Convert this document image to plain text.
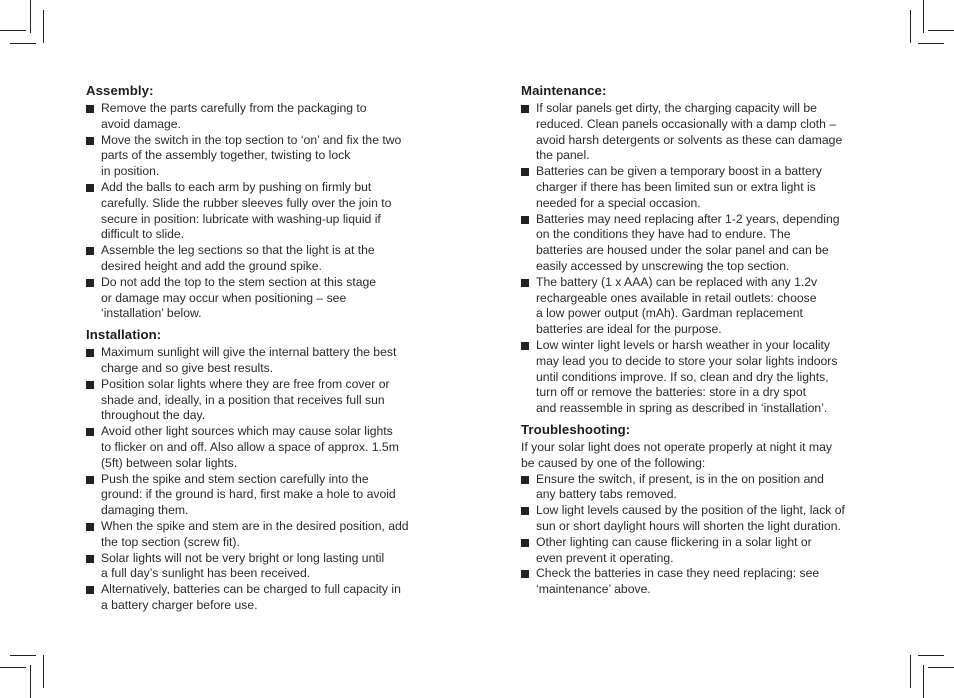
Assembly:
Remove the parts carefully from the packaging to
avoid damage.
Move the switch in the top section to ‘on’ and fix the two
parts of the assembly together, twisting to lock
in position.
Add the balls to each arm by pushing on firmly but
carefully. Slide the rubber sleeves fully over the join to
secure in position: lubricate with washing-up liquid if
difficult to slide.
Assemble the leg sections so that the light is at the
desired height and add the ground spike.
Do not add the top to the stem section at this stage
or damage may occur when positioning – see
‘installation’ below.
Installation:
Maximum sunlight will give the internal battery the best
charge and so give best results.
Position solar lights where they are free from cover or
shade and, ideally, in a position that receives full sun
throughout the day.
Avoid other light sources which may cause solar lights
to flicker on and off. Also allow a space of approx. 1.5m
(5ft) between solar lights.
Push the spike and stem section carefully into the
ground: if the ground is hard, first make a hole to avoid
damaging them.
When the spike and stem are in the desired position, add
the top section (screw fit).
Solar lights will not be very bright or long lasting until
a full day’s sunlight has been received.
Alternatively, batteries can be charged to full capacity in
a battery charger before use.
Maintenance:
If solar panels get dirty, the charging capacity will be
reduced. Clean panels occasionally with a damp cloth –
avoid harsh detergents or solvents as these can damage
the panel.
Batteries can be given a temporary boost in a battery
charger if there has been limited sun or extra light is
needed for a special occasion.
Batteries may need replacing after 1-2 years, depending
on the conditions they have had to endure. The
batteries are housed under the solar panel and can be
easily accessed by unscrewing the top section.
The battery (1 x AAA) can be replaced with any 1.2v
rechargeable ones available in retail outlets: choose
a low power output (mAh). Gardman replacement
batteries are ideal for the purpose.
Low winter light levels or harsh weather in your locality
may lead you to decide to store your solar lights indoors
until conditions improve. If so, clean and dry the lights,
turn off or remove the batteries: store in a dry spot
and reassemble in spring as described in ‘installation’.
Troubleshooting:

If your solar light does not operate properly at night it may
be caused by one of the following:

Ensure the switch, if present, is in the on position and
any battery tabs removed.
Low light levels caused by the position of the light, lack of
sun or short daylight hours will shorten the light duration.
Other lighting can cause flickering in a solar light or
even prevent it operating.
Check the batteries in case they need replacing: see
‘maintenance’ above.
